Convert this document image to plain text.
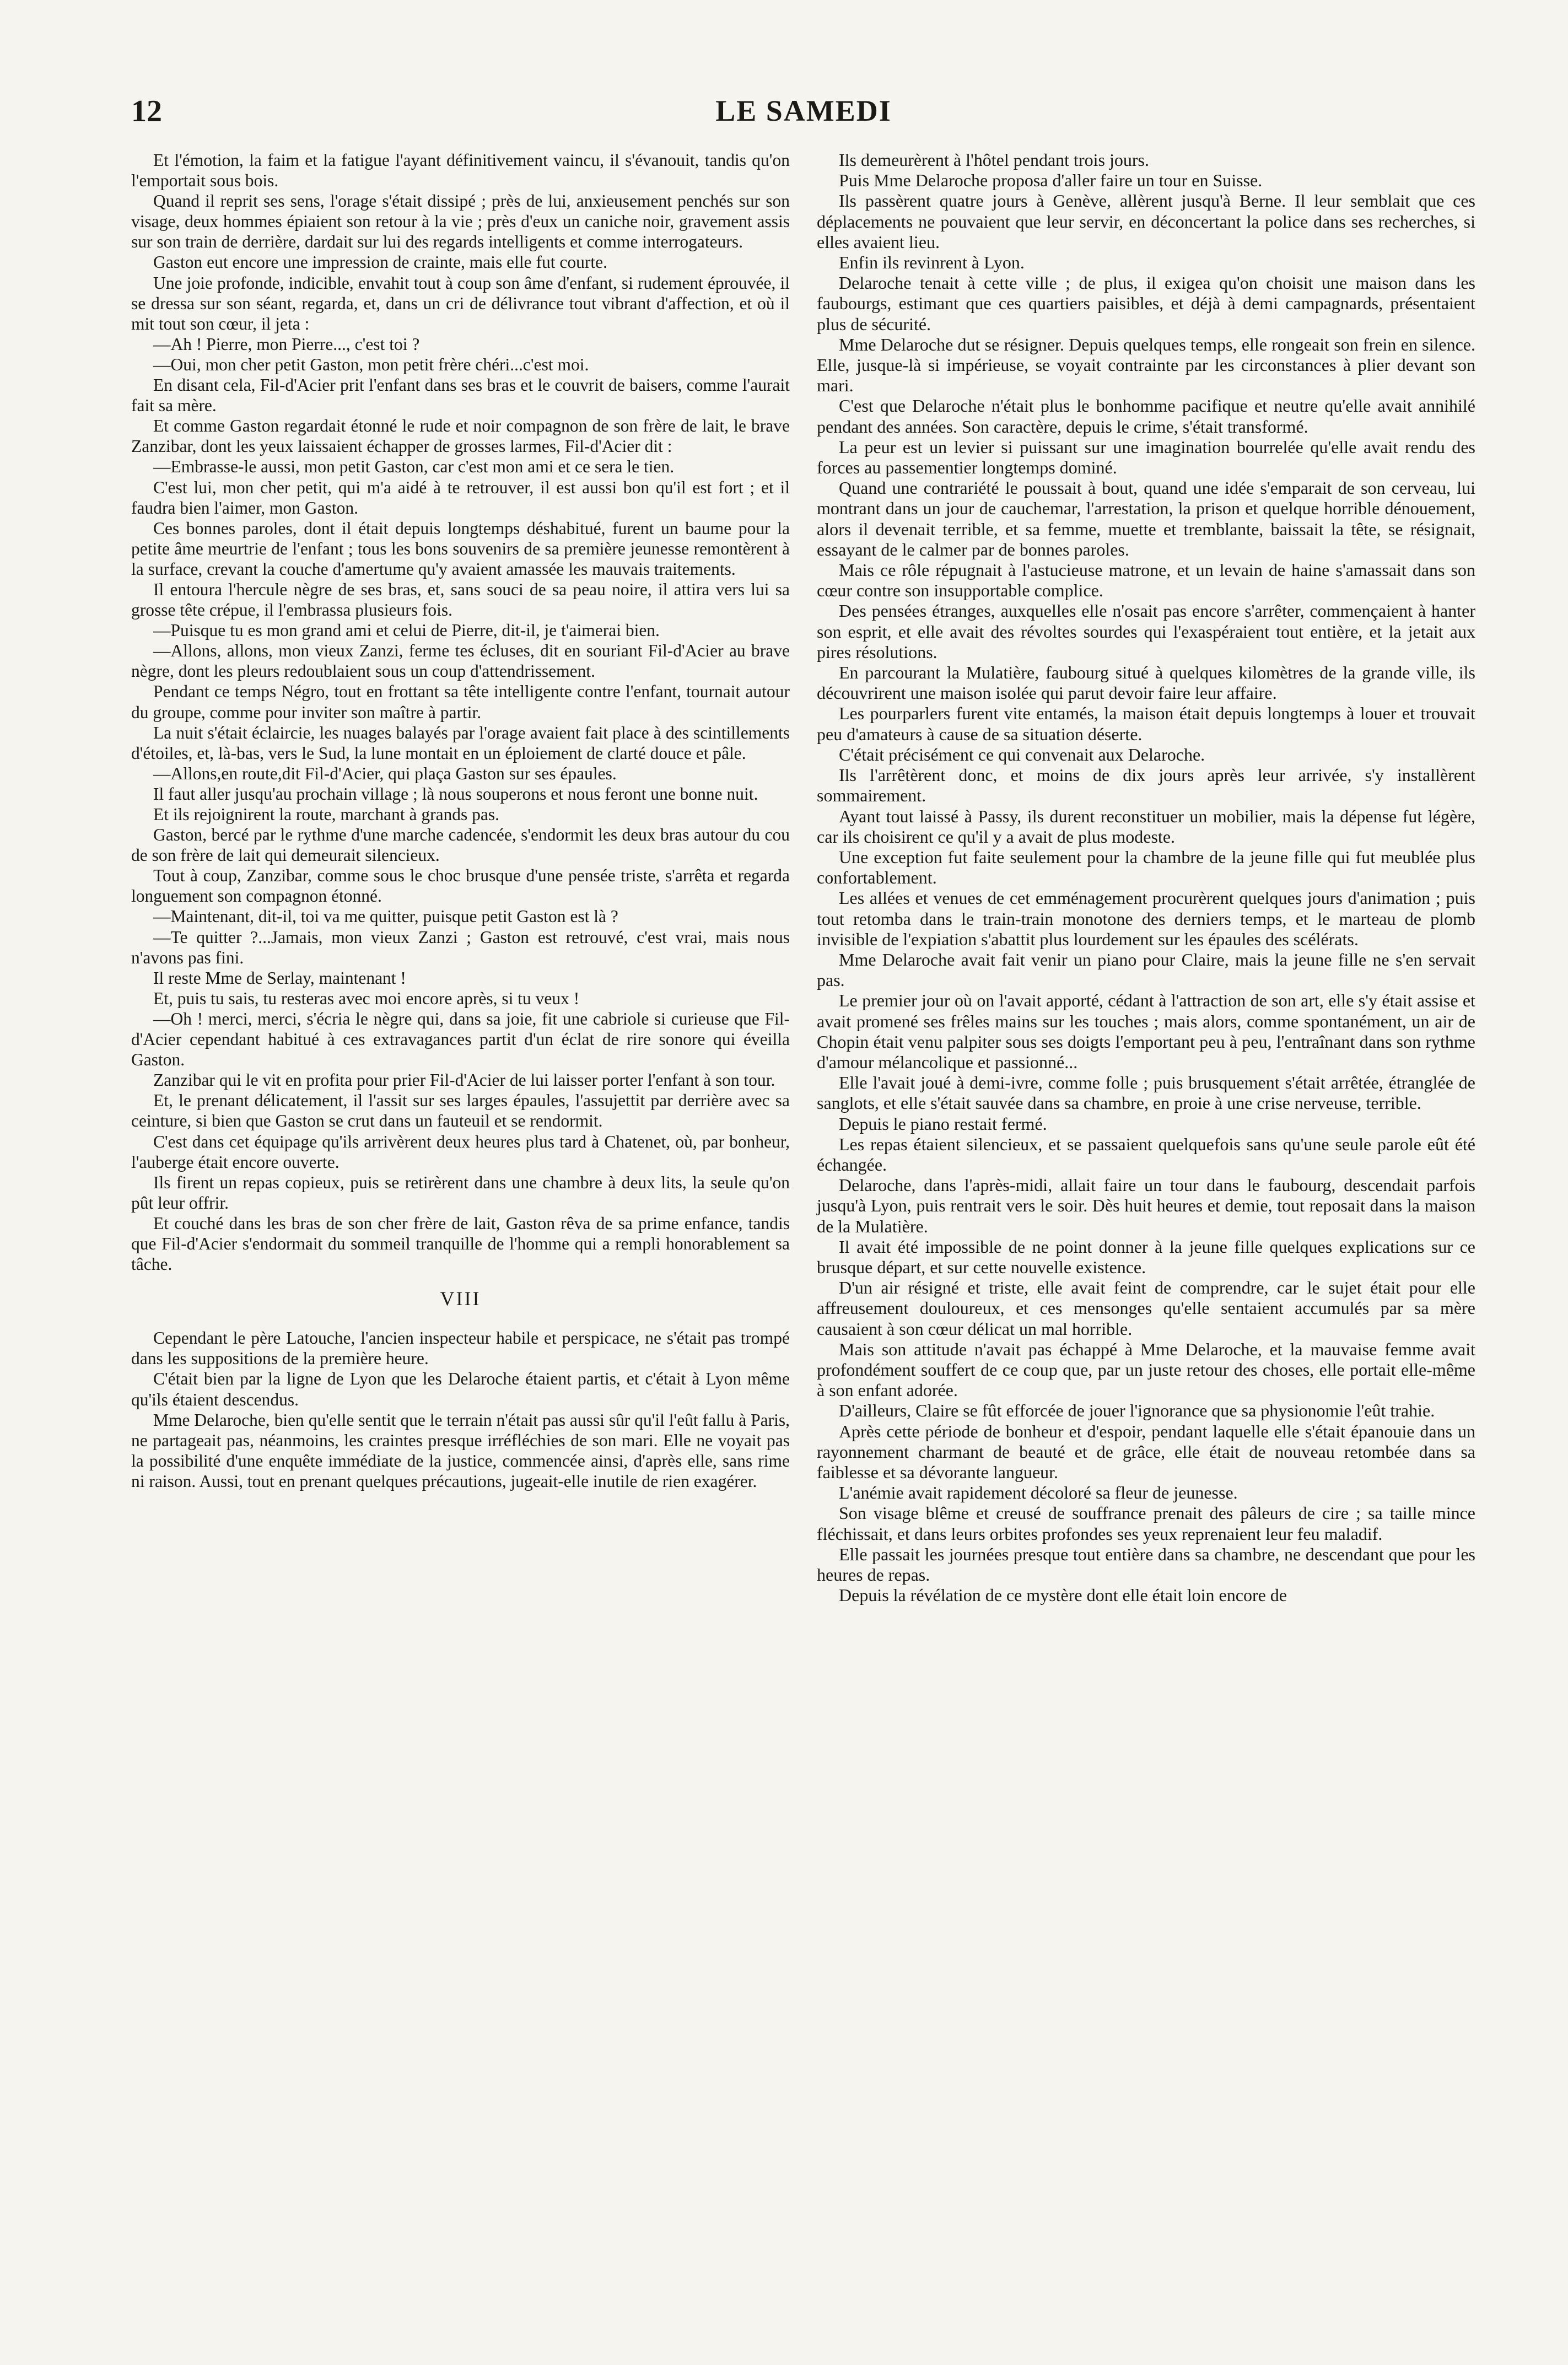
12	LE SAMEDI

Et l'émotion, la faim et la fatigue l'ayant définitivement vaincu, il s'évanouit, tandis qu'on l'emportait sous bois.

Quand il reprit ses sens, l'orage s'était dissipé ; près de lui, anxieusement penchés sur son visage, deux hommes épiaient son retour à la vie ; près d'eux un caniche noir, gravement assis sur son train de derrière, dardait sur lui des regards intelligents et comme interrogateurs.

Gaston eut encore une impression de crainte, mais elle fut courte.

Une joie profonde, indicible, envahit tout à coup son âme d'enfant, si rudement éprouvée, il se dressa sur son séant, regarda, et, dans un cri de délivrance tout vibrant d'affection, et où il mit tout son cœur, il jeta :

—Ah ! Pierre, mon Pierre..., c'est toi ?

—Oui, mon cher petit Gaston, mon petit frère chéri...c'est moi.

En disant cela, Fil-d'Acier prit l'enfant dans ses bras et le couvrit de baisers, comme l'aurait fait sa mère.

Et comme Gaston regardait étonné le rude et noir compagnon de son frère de lait, le brave Zanzibar, dont les yeux laissaient échapper de grosses larmes, Fil-d'Acier dit :

—Embrasse-le aussi, mon petit Gaston, car c'est mon ami et ce sera le tien.

C'est lui, mon cher petit, qui m'a aidé à te retrouver, il est aussi bon qu'il est fort ; et il faudra bien l'aimer, mon Gaston.

Ces bonnes paroles, dont il était depuis longtemps déshabitué, furent un baume pour la petite âme meurtrie de l'enfant ; tous les bons souvenirs de sa première jeunesse remontèrent à la surface, crevant la couche d'amertume qu'y avaient amassée les mauvais traitements.

Il entoura l'hercule nègre de ses bras, et, sans souci de sa peau noire, il attira vers lui sa grosse tête crépue, il l'embrassa plusieurs fois.

—Puisque tu es mon grand ami et celui de Pierre, dit-il, je t'aimerai bien.

—Allons, allons, mon vieux Zanzi, ferme tes écluses, dit en souriant Fil-d'Acier au brave nègre, dont les pleurs redoublaient sous un coup d'attendrissement.

Pendant ce temps Négro, tout en frottant sa tête intelligente contre l'enfant, tournait autour du groupe, comme pour inviter son maître à partir.

La nuit s'était éclaircie, les nuages balayés par l'orage avaient fait place à des scintillements d'étoiles, et, là-bas, vers le Sud, la lune montait en un éploiement de clarté douce et pâle.

—Allons,en route,dit Fil-d'Acier, qui plaça Gaston sur ses épaules.

Il faut aller jusqu'au prochain village ; là nous souperons et nous feront une bonne nuit.

Et ils rejoignirent la route, marchant à grands pas.

Gaston, bercé par le rythme d'une marche cadencée, s'endormit les deux bras autour du cou de son frère de lait qui demeurait silencieux.

Tout à coup, Zanzibar, comme sous le choc brusque d'une pensée triste, s'arrêta et regarda longuement son compagnon étonné.

—Maintenant, dit-il, toi va me quitter, puisque petit Gaston est là ?

—Te quitter ?...Jamais, mon vieux Zanzi ; Gaston est retrouvé, c'est vrai, mais nous n'avons pas fini.

Il reste Mme de Serlay, maintenant !

Et, puis tu sais, tu resteras avec moi encore après, si tu veux !

—Oh ! merci, merci, s'écria le nègre qui, dans sa joie, fit une cabriole si curieuse que Fil-d'Acier cependant habitué à ces extravagances partit d'un éclat de rire sonore qui éveilla Gaston.

Zanzibar qui le vit en profita pour prier Fil-d'Acier de lui laisser porter l'enfant à son tour.

Et, le prenant délicatement, il l'assit sur ses larges épaules, l'assujettit par derrière avec sa ceinture, si bien que Gaston se crut dans un fauteuil et se rendormit.

C'est dans cet équipage qu'ils arrivèrent deux heures plus tard à Chatenet, où, par bonheur, l'auberge était encore ouverte.

Ils firent un repas copieux, puis se retirèrent dans une chambre à deux lits, la seule qu'on pût leur offrir.

Et couché dans les bras de son cher frère de lait, Gaston rêva de sa prime enfance, tandis que Fil-d'Acier s'endormait du sommeil tranquille de l'homme qui a rempli honorablement sa tâche.

VIII

Cependant le père Latouche, l'ancien inspecteur habile et perspicace, ne s'était pas trompé dans les suppositions de la première heure.

C'était bien par la ligne de Lyon que les Delaroche étaient partis, et c'était à Lyon même qu'ils étaient descendus.

Mme Delaroche, bien qu'elle sentit que le terrain n'était pas aussi sûr qu'il l'eût fallu à Paris, ne partageait pas, néanmoins, les craintes presque irréfléchies de son mari. Elle ne voyait pas la possibilité d'une enquête immédiate de la justice, commencée ainsi, d'après elle, sans rime ni raison. Aussi, tout en prenant quelques précautions, jugeait-elle inutile de rien exagérer.

Ils demeurèrent à l'hôtel pendant trois jours.

Puis Mme Delaroche proposa d'aller faire un tour en Suisse.

Ils passèrent quatre jours à Genève, allèrent jusqu'à Berne. Il leur semblait que ces déplacements ne pouvaient que leur servir, en déconcertant la police dans ses recherches, si elles avaient lieu.

Enfin ils revinrent à Lyon.

Delaroche tenait à cette ville ; de plus, il exigea qu'on choisit une maison dans les faubourgs, estimant que ces quartiers paisibles, et déjà à demi campagnards, présentaient plus de sécurité.

Mme Delaroche dut se résigner. Depuis quelques temps, elle rongeait son frein en silence. Elle, jusque-là si impérieuse, se voyait contrainte par les circonstances à plier devant son mari.

C'est que Delaroche n'était plus le bonhomme pacifique et neutre qu'elle avait annihilé pendant des années. Son caractère, depuis le crime, s'était transformé.

La peur est un levier si puissant sur une imagination bourrelée qu'elle avait rendu des forces au passementier longtemps dominé.

Quand une contrariété le poussait à bout, quand une idée s'emparait de son cerveau, lui montrant dans un jour de cauchemar, l'arrestation, la prison et quelque horrible dénouement, alors il devenait terrible, et sa femme, muette et tremblante, baissait la tête, se résignait, essayant de le calmer par de bonnes paroles.

Mais ce rôle répugnait à l'astucieuse matrone, et un levain de haine s'amassait dans son cœur contre son insupportable complice.

Des pensées étranges, auxquelles elle n'osait pas encore s'arrêter, commençaient à hanter son esprit, et elle avait des révoltes sourdes qui l'exaspéraient tout entière, et la jetait aux pires résolutions.

En parcourant la Mulatière, faubourg situé à quelques kilomètres de la grande ville, ils découvrirent une maison isolée qui parut devoir faire leur affaire.

Les pourparlers furent vite entamés, la maison était depuis longtemps à louer et trouvait peu d'amateurs à cause de sa situation déserte.

C'était précisément ce qui convenait aux Delaroche.

Ils l'arrêtèrent donc, et moins de dix jours après leur arrivée, s'y installèrent sommairement.

Ayant tout laissé à Passy, ils durent reconstituer un mobilier, mais la dépense fut légère, car ils choisirent ce qu'il y a avait de plus modeste.

Une exception fut faite seulement pour la chambre de la jeune fille qui fut meublée plus confortablement.

Les allées et venues de cet emménagement procurèrent quelques jours d'animation ; puis tout retomba dans le train-train monotone des derniers temps, et le marteau de plomb invisible de l'expiation s'abattit plus lourdement sur les épaules des scélérats.

Mme Delaroche avait fait venir un piano pour Claire, mais la jeune fille ne s'en servait pas.

Le premier jour où on l'avait apporté, cédant à l'attraction de son art, elle s'y était assise et avait promené ses frêles mains sur les touches ; mais alors, comme spontanément, un air de Chopin était venu palpiter sous ses doigts l'emportant peu à peu, l'entraînant dans son rythme d'amour mélancolique et passionné...

Elle l'avait joué à demi-ivre, comme folle ; puis brusquement s'était arrêtée, étranglée de sanglots, et elle s'était sauvée dans sa chambre, en proie à une crise nerveuse, terrible.

Depuis le piano restait fermé.

Les repas étaient silencieux, et se passaient quelquefois sans qu'une seule parole eût été échangée.

Delaroche, dans l'après-midi, allait faire un tour dans le faubourg, descendait parfois jusqu'à Lyon, puis rentrait vers le soir. Dès huit heures et demie, tout reposait dans la maison de la Mulatière.

Il avait été impossible de ne point donner à la jeune fille quelques explications sur ce brusque départ, et sur cette nouvelle existence.

D'un air résigné et triste, elle avait feint de comprendre, car le sujet était pour elle affreusement douloureux, et ces mensonges qu'elle sentaient accumulés par sa mère causaient à son cœur délicat un mal horrible.

Mais son attitude n'avait pas échappé à Mme Delaroche, et la mauvaise femme avait profondément souffert de ce coup que, par un juste retour des choses, elle portait elle-même à son enfant adorée.

D'ailleurs, Claire se fût efforcée de jouer l'ignorance que sa physionomie l'eût trahie.

Après cette période de bonheur et d'espoir, pendant laquelle elle s'était épanouie dans un rayonnement charmant de beauté et de grâce, elle était de nouveau retombée dans sa faiblesse et sa dévorante langueur.

L'anémie avait rapidement décoloré sa fleur de jeunesse.

Son visage blême et creusé de souffrance prenait des pâleurs de cire ; sa taille mince fléchissait, et dans leurs orbites profondes ses yeux reprenaient leur feu maladif.

Elle passait les journées presque tout entière dans sa chambre, ne descendant que pour les heures de repas.

Depuis la révélation de ce mystère dont elle était loin encore de
